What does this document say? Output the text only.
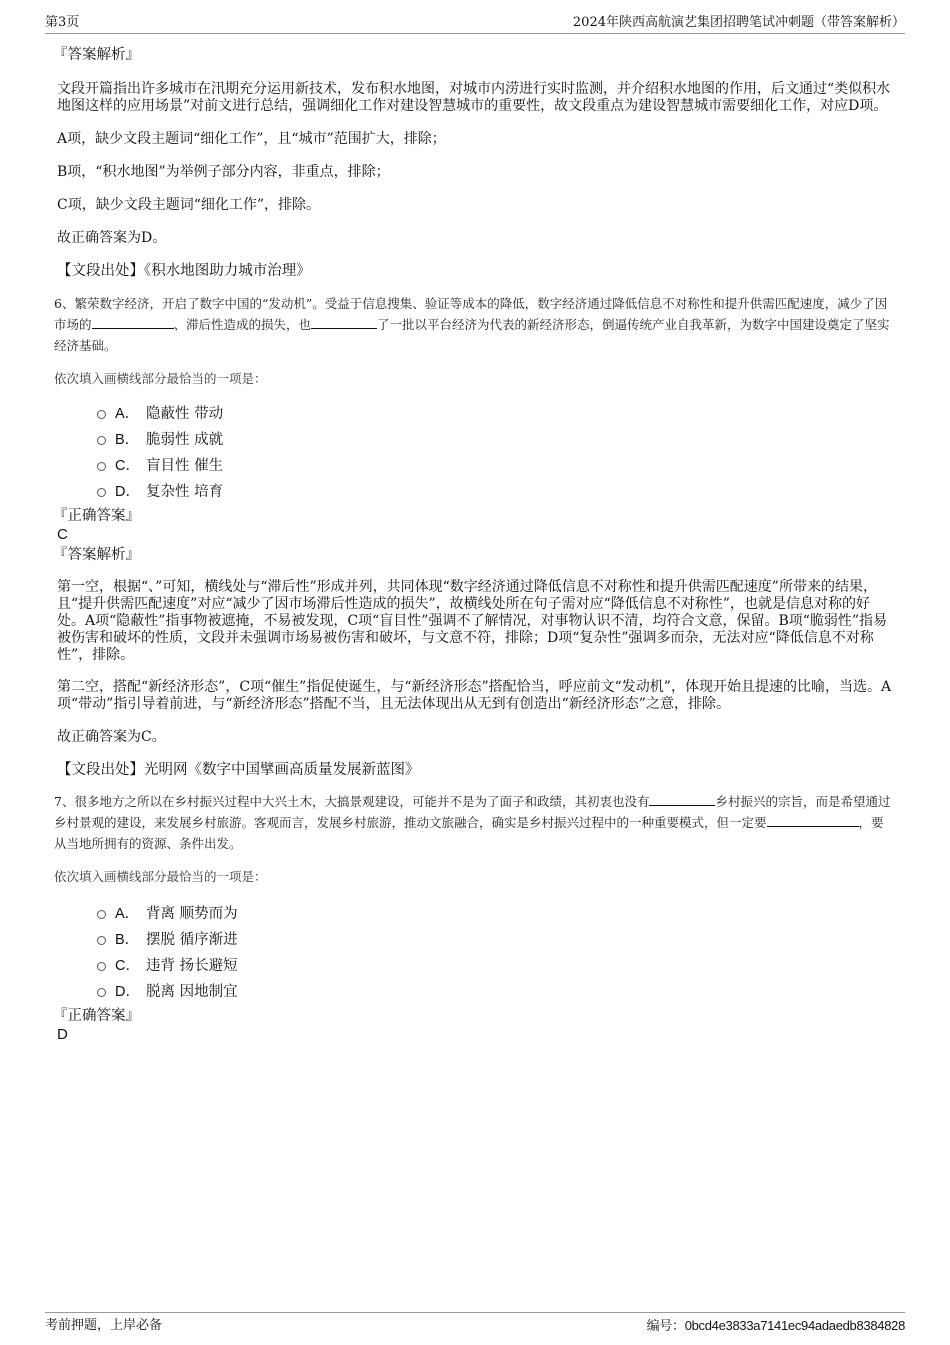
第3页	2024年陕西高航演艺集团招聘笔试冲刺题（带答案解析）

『答案解析』

文段开篇指出许多城市在汛期充分运用新技术，发布积水地图，对城市内涝进行实时监测，并介绍积水地图的作用，后文通过“类似积水地图这样的应用场景”对前文进行总结，强调细化工作对建设智慧城市的重要性，故文段重点为建设智慧城市需要细化工作，对应D项。

A项，缺少文段主题词“细化工作”，且“城市”范围扩大，排除；

B项，“积水地图”为举例子部分内容，非重点，排除；

C项，缺少文段主题词“细化工作”，排除。

故正确答案为D。

【文段出处】《积水地图助力城市治理》

6、繁荣数字经济，开启了数字中国的“发动机”。受益于信息搜集、验证等成本的降低，数字经济通过降低信息不对称性和提升供需匹配速度，减少了因市场的	、滞后性造成的损失，也	了一批以平台经济为代表的新经济形态，倒逼传统产业自我革新，为数字中国建设奠定了坚实经济基础。

依次填入画横线部分最恰当的一项是：

A． 隐蔽性 带动
B． 脆弱性 成就
C． 盲目性 催生
D． 复杂性 培育

『正确答案』

C

『答案解析』

第一空，根据“、”可知，横线处与“滞后性”形成并列，共同体现“数字经济通过降低信息不对称性和提升供需匹配速度”所带来的结果，且“提升供需匹配速度”对应“减少了因市场滞后性造成的损失”，故横线处所在句子需对应“降低信息不对称性”，也就是信息对称的好处。A项“隐蔽性”指事物被遮掩，不易被发现，C项“盲目性”强调不了解情况，对事物认识不清，均符合文意，保留。B项“脆弱性”指易被伤害和破坏的性质，文段并未强调市场易被伤害和破坏，与文意不符，排除；D项“复杂性”强调多而杂，无法对应“降低信息不对称性”，排除。

第二空，搭配“新经济形态”，C项“催生”指促使诞生，与“新经济形态”搭配恰当，呼应前文“发动机”，体现开始且提速的比喻，当选。A项“带动”指引导着前进，与“新经济形态”搭配不当，且无法体现出从无到有创造出“新经济形态”之意，排除。

故正确答案为C。

【文段出处】光明网《数字中国擘画高质量发展新蓝图》

7、很多地方之所以在乡村振兴过程中大兴土木，大搞景观建设，可能并不是为了面子和政绩，其初衷也没有	乡村振兴的宗旨，而是希望通过乡村景观的建设，来发展乡村旅游。客观而言，发展乡村旅游，推动文旅融合，确实是乡村振兴过程中的一种重要模式，但一定要	，要从当地所拥有的资源、条件出发。

依次填入画横线部分最恰当的一项是：

A． 背离 顺势而为
B． 摆脱 循序渐进
C． 违背 扬长避短
D． 脱离 因地制宜

『正确答案』

D

考前押题，上岸必备	编号：0bcd4e3833a7141ec94adaedb8384828
